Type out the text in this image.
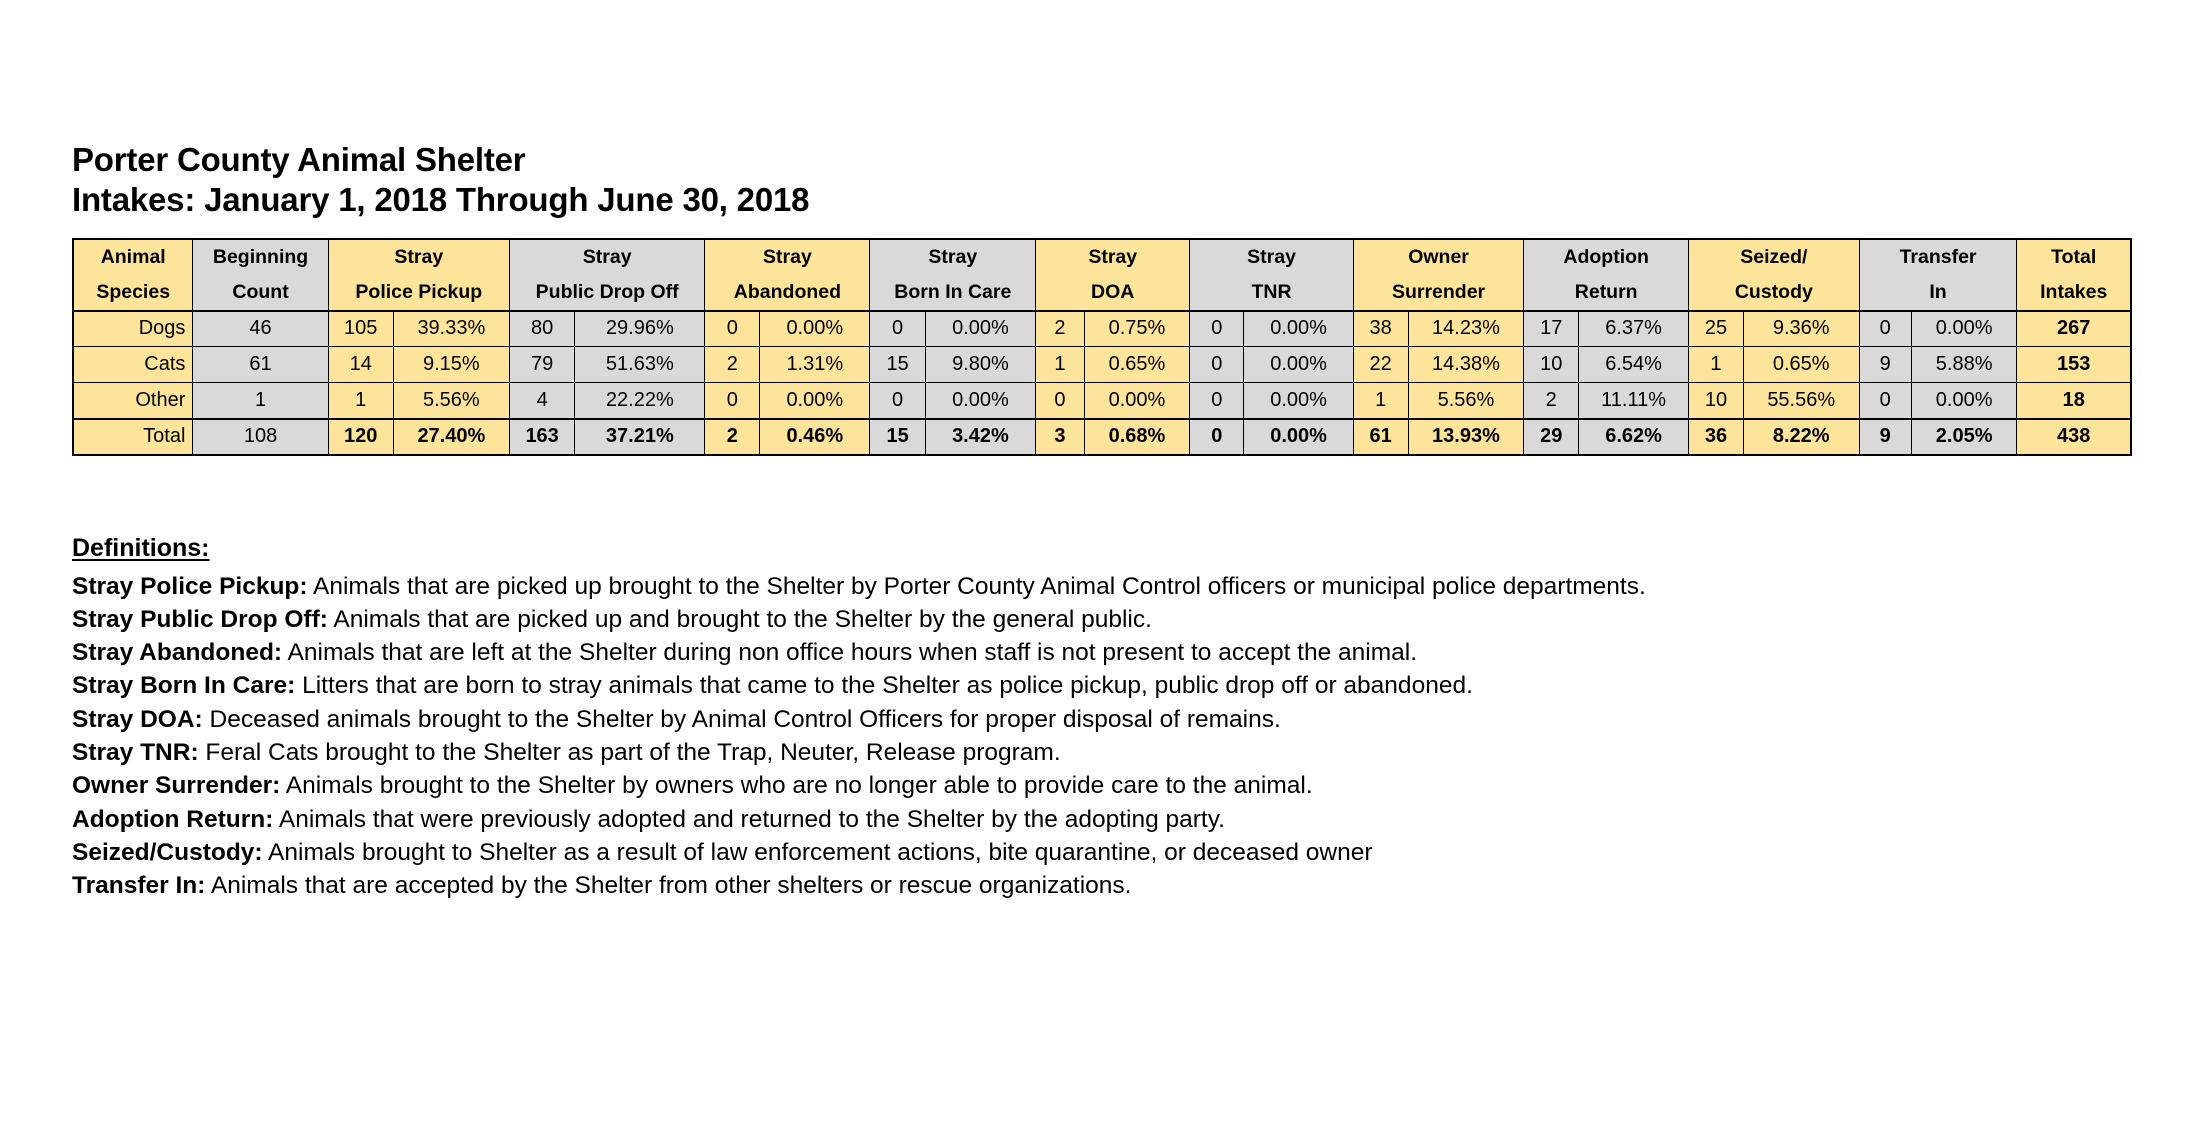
Porter County Animal Shelter
Intakes: January 1, 2018 Through June 30, 2018
Animal	Beginning	Stray		Stray		Stray		Stray		Stray		Stray		Owner		Adoption		Seized/		Transfer		Total
Species	Count	Police Pickup		Public Drop Off		Abandoned		Born In Care		DOA		TNR		Surrender		Return		Custody		In		Intakes
Dogs	46	105	39.33%	80	29.96%	0	0.00%	0	0.00%	2	0.75%	0	0.00%	38	14.23%	17	6.37%	25	9.36%	0	0.00%	267
Cats	61	14	9.15%	79	51.63%	2	1.31%	15	9.80%	1	0.65%	0	0.00%	22	14.38%	10	6.54%	1	0.65%	9	5.88%	153
Other	1	1	5.56%	4	22.22%	0	0.00%	0	0.00%	0	0.00%	0	0.00%	1	5.56%	2	11.11%	10	55.56%	0	0.00%	18
Total	108	120	27.40%	163	37.21%	2	0.46%	15	3.42%	3	0.68%	0	0.00%	61	13.93%	29	6.62%	36	8.22%	9	2.05%	438
Definitions:
Stray Police Pickup: Animals that are picked up brought to the Shelter by Porter County Animal Control officers or municipal police departments.
Stray Public Drop Off: Animals that are picked up and brought to the Shelter by the general public.
Stray Abandoned: Animals that are left at the Shelter during non office hours when staff is not present to accept the animal.
Stray Born In Care: Litters that are born to stray animals that came to the Shelter as police pickup, public drop off or abandoned.
Stray DOA: Deceased animals brought to the Shelter by Animal Control Officers for proper disposal of remains.
Stray TNR: Feral Cats brought to the Shelter as part of the Trap, Neuter, Release program.
Owner Surrender: Animals brought to the Shelter by owners who are no longer able to provide care to the animal.
Adoption Return: Animals that were previously adopted and returned to the Shelter by the adopting party.
Seized/Custody: Animals brought to Shelter as a result of law enforcement actions, bite quarantine, or deceased owner
Transfer In: Animals that are accepted by the Shelter from other shelters or rescue organizations.
